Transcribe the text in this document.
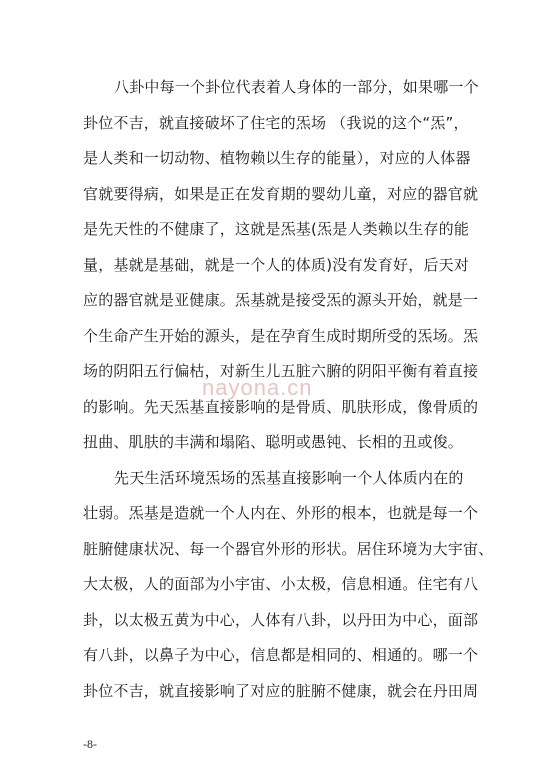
八卦中每一个卦位代表着人身体的一部分，如果哪一个
卦位不吉，就直接破坏了住宅的炁场 （我说的这个“炁”，
是人类和一切动物、植物赖以生存的能量），对应的人体器
官就要得病，如果是正在发育期的婴幼儿童，对应的器官就
是先天性的不健康了，这就是炁基(炁是人类赖以生存的能
量，基就是基础，就是一个人的体质)没有发育好，后天对
应的器官就是亚健康。炁基就是接受炁的源头开始，就是一
个生命产生开始的源头，是在孕育生成时期所受的炁场。炁
场的阴阳五行偏枯，对新生儿五脏六腑的阴阳平衡有着直接
的影响。先天炁基直接影响的是骨质、肌肤形成，像骨质的
扭曲、肌肤的丰满和塌陷、聪明或愚钝、长相的丑或俊。
先天生活环境炁场的炁基直接影响一个人体质内在的
壮弱。炁基是造就一个人内在、外形的根本，也就是每一个
脏腑健康状况、每一个器官外形的形状。居住环境为大宇宙、
大太极，人的面部为小宇宙、小太极，信息相通。住宅有八
卦，以太极五黄为中心，人体有八卦，以丹田为中心，面部
有八卦，以鼻子为中心，信息都是相同的、相通的。哪一个
卦位不吉，就直接影响了对应的脏腑不健康，就会在丹田周
nayona.cn
-8-
